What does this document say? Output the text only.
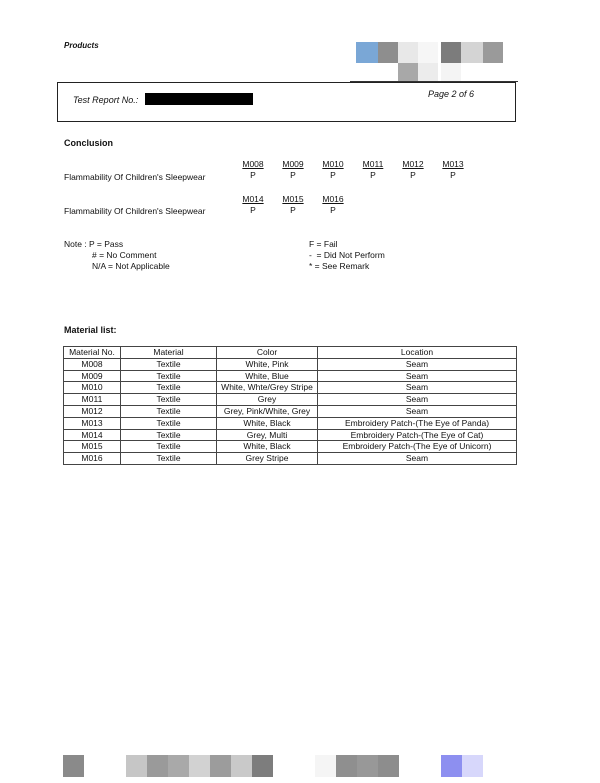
Products
Test Report No.:
Page 2 of 6
Conclusion
Flammability Of Children's Sleepwear
M008 M009 M010	M011	M012 M013
P	P	P	P	P	P
Flammability Of Children's Sleepwear
M014 M015 M016
P	P	P
Note : P = Pass
# = No Comment
N/A = Not Applicable
F = Fail
-  = Did Not Perform
* = See Remark
Material list:
Material No.	Material	Color	Location
M008	Textile	White, Pink	Seam
M009	Textile	White, Blue	Seam
M010	Textile	White, Whte/Grey Stripe	Seam
M011	Textile	Grey	Seam
M012	Textile	Grey, Pink/White, Grey	Seam
M013	Textile	White, Black	Embroidery Patch-(The Eye of Panda)
M014	Textile	Grey, Multi	Embroidery Patch-(The Eye of Cat)
M015	Textile	White, Black	Embroidery Patch-(The Eye of Unicorn)
M016	Textile	Grey Stripe	Seam
